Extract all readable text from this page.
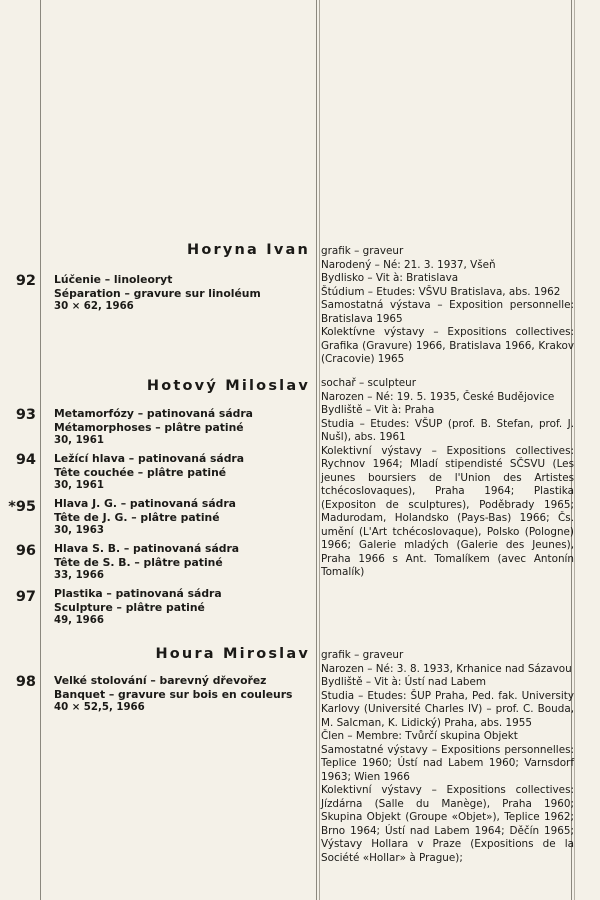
Horyna Ivan
92 Lúčenie – linoleoryt
Séparation – gravure sur linoléum
30 ⨯ 62, 1966

grafik – graveur

Narodený – Né: 21. 3. 1937, Všeň

Bydlisko – Vit à: Bratislava

Štúdium – Etudes: VŠVU Bratislava, abs. 1962

Samostatná výstava – Exposition personnelle: Bratislava 1965

Kolektívne výstavy – Expositions collectives: Grafika (Gravure) 1966, Bratislava 1966, Krakov (Cracovie) 1965

Hotový Miloslav
93 Metamorfózy – patinovaná sádra
Métamorphoses – plâtre patiné
30, 1961
94 Ležící hlava – patinovaná sádra
Tête couchée – plâtre patiné
30, 1961
*95 Hlava J. G. – patinovaná sádra
Tête de J. G. – plâtre patiné
30, 1963
96 Hlava S. B. – patinovaná sádra
Tête de S. B. – plâtre patiné
33, 1966
97 Plastika – patinovaná sádra
Sculpture – plâtre patiné
49, 1966

sochař – sculpteur

Narozen – Né: 19. 5. 1935, České Budějovice

Bydliště – Vit à: Praha

Studia – Etudes: VŠUP (prof. B. Stefan, prof. J. Nušl), abs. 1961

Kolektivní výstavy – Expositions collectives: Rychnov 1964; Mladí stipendisté SČSVU (Les jeunes boursiers de l'Union des Artistes tchécoslovaques), Praha 1964; Plastika (Expositon de sculptures), Poděbrady 1965; Madurodam, Holandsko (Pays-Bas) 1966; Čs. umění (L'Art tchécoslovaque), Polsko (Pologne) 1966; Galerie mladých (Galerie des Jeunes), Praha 1966 s Ant. Tomalíkem (avec Antonín Tomalík)

Houra Miroslav
98 Velké stolování – barevný dřevořez
Banquet – gravure sur bois en couleurs
40 ⨯ 52,5, 1966

grafik – graveur

Narozen – Né: 3. 8. 1933, Krhanice nad Sázavou

Bydliště – Vit à: Ústí nad Labem

Studia – Etudes: ŠUP Praha, Ped. fak. University Karlovy (Université Charles IV) – prof. C. Bouda, M. Salcman, K. Lidický) Praha, abs. 1955

Člen – Membre: Tvůrčí skupina Objekt

Samostatné výstavy – Expositions personnelles: Teplice 1960; Ústí nad Labem 1960; Varnsdorf 1963; Wien 1966

Kolektivní výstavy – Expositions collectives: Jízdárna (Salle du Manège), Praha 1960; Skupina Objekt (Groupe «Objet»), Teplice 1962; Brno 1964; Ústí nad Labem 1964; Děčín 1965; Výstavy Hollara v Praze (Expositions de la Société «Hollar» à Prague);
